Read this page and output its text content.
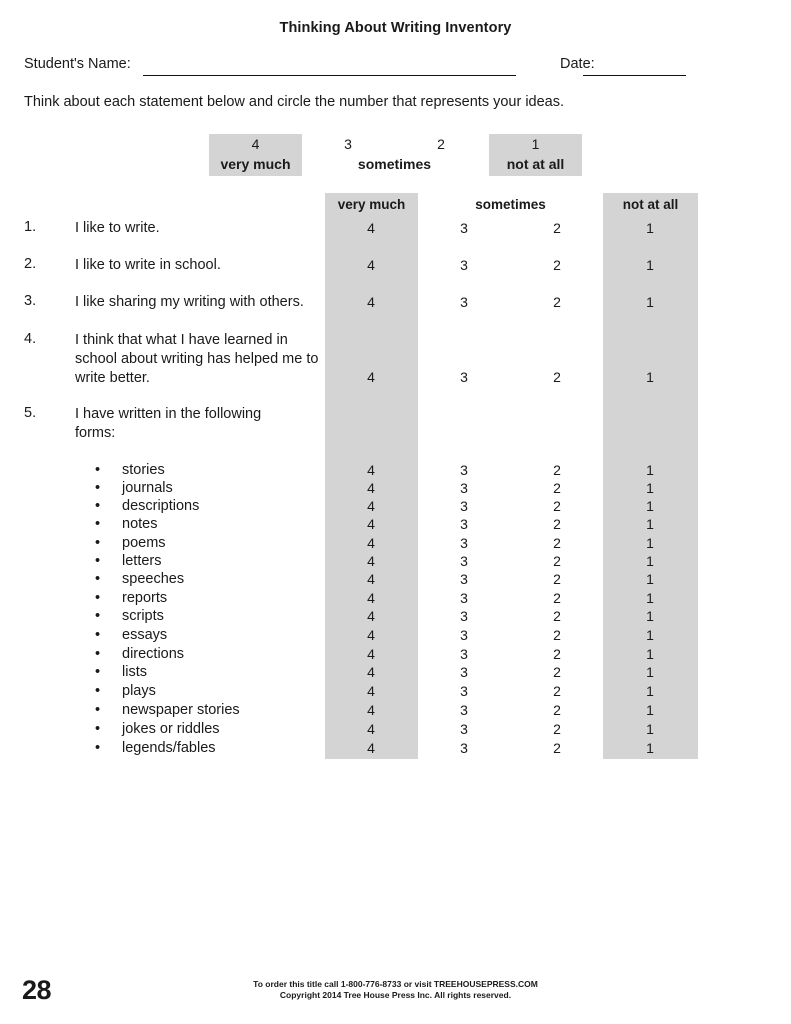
Thinking About Writing Inventory
Student's Name:	Date:
Think about each statement below and circle the number that represents your ideas.
4
very much
3	2
sometimes
1
not at all
very much	sometimes	not at all
1.	I like to write.	4	3	2	1
2.	I like to write in school.	4	3	2	1
3.	I like sharing my writing with others.	4	3	2	1
4.	I think that what I have learned in school about writing has helped me to write better.	4	3	2	1
5.	I have written in the following forms:
•	stories	4	3	2	1
•	journals	4	3	2	1
•	descriptions	4	3	2	1
•	notes	4	3	2	1
•	poems	4	3	2	1
•	letters	4	3	2	1
•	speeches	4	3	2	1
•	reports	4	3	2	1
•	scripts	4	3	2	1
•	essays	4	3	2	1
•	directions	4	3	2	1
•	lists	4	3	2	1
•	plays	4	3	2	1
•	newspaper stories	4	3	2	1
•	jokes or riddles	4	3	2	1
•	legends/fables	4	3	2	1
28	To order this title call 1-800-776-8733 or visit TREEHOUSEPRESS.COM
Copyright 2014 Tree House Press Inc. All rights reserved.
